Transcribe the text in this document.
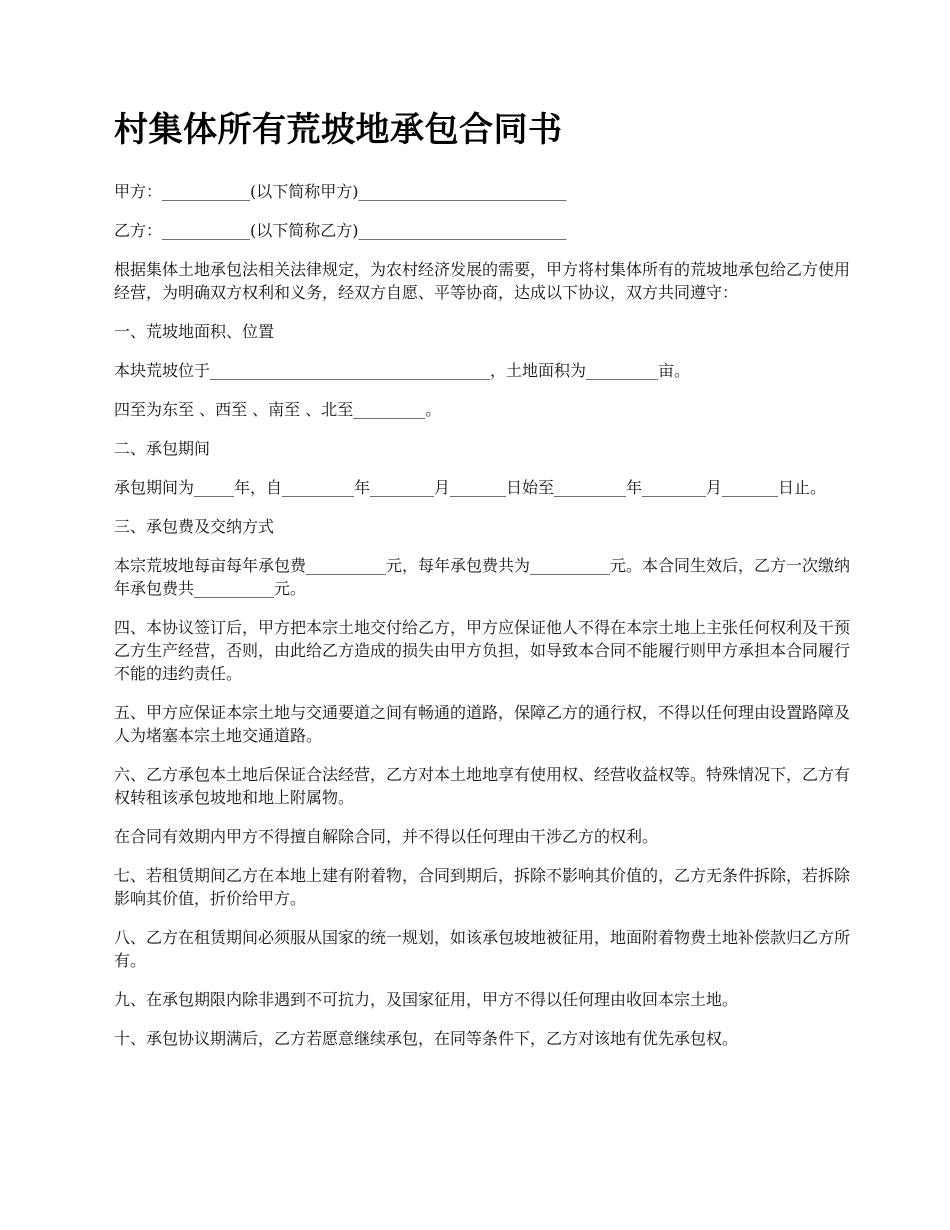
村集体所有荒坡地承包合同书

甲方：___________(以下简称甲方)__________________________

乙方：___________(以下简称乙方)__________________________

根据集体土地承包法相关法律规定，为农村经济发展的需要，甲方将村集体所有的荒坡地承包给乙方使用经营，为明确双方权利和义务，经双方自愿、平等协商，达成以下协议，双方共同遵守：

一、荒坡地面积、位置

本块荒坡位于___________________________________，土地面积为_________亩。

四至为东至 、西至 、南至 、北至_________。

二、承包期间

承包期间为_____年，自_________年________月_______日始至_________年________月_______日止。

三、承包费及交纳方式

本宗荒坡地每亩每年承包费__________元，每年承包费共为__________元。本合同生效后，乙方一次缴纳 年承包费共__________元。

四、本协议签订后，甲方把本宗土地交付给乙方，甲方应保证他人不得在本宗土地上主张任何权利及干预乙方生产经营，否则，由此给乙方造成的损失由甲方负担，如导致本合同不能履行则甲方承担本合同履行不能的违约责任。

五、甲方应保证本宗土地与交通要道之间有畅通的道路，保障乙方的通行权，不得以任何理由设置路障及人为堵塞本宗土地交通道路。

六、乙方承包本土地后保证合法经营，乙方对本土地地享有使用权、经营收益权等。特殊情况下，乙方有权转租该承包坡地和地上附属物。

在合同有效期内甲方不得擅自解除合同，并不得以任何理由干涉乙方的权利。

七、若租赁期间乙方在本地上建有附着物，合同到期后，拆除不影响其价值的，乙方无条件拆除，若拆除影响其价值，折价给甲方。

八、乙方在租赁期间必须服从国家的统一规划，如该承包坡地被征用，地面附着物费土地补偿款归乙方所有。

九、在承包期限内除非遇到不可抗力，及国家征用，甲方不得以任何理由收回本宗土地。

十、承包协议期满后，乙方若愿意继续承包，在同等条件下，乙方对该地有优先承包权。
